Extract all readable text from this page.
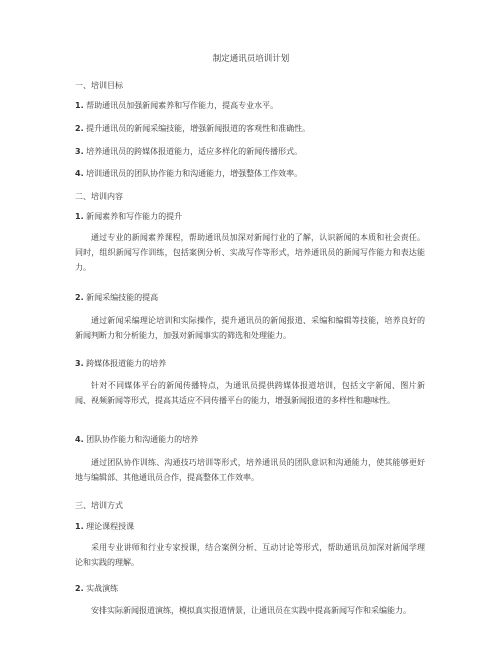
制定通讯员培训计划
一、培训目标
1. 帮助通讯员加强新闻素养和写作能力，提高专业水平。
2. 提升通讯员的新闻采编技能，增强新闻报道的客观性和准确性。
3. 培养通讯员的跨媒体报道能力，适应多样化的新闻传播形式。
4. 培训通讯员的团队协作能力和沟通能力，增强整体工作效率。
二、培训内容
1. 新闻素养和写作能力的提升
通过专业的新闻素养课程，帮助通讯员加深对新闻行业的了解，认识新闻的本质和社会责任。同时，组织新闻写作训练，包括案例分析、实战写作等形式，培养通讯员的新闻写作能力和表达能力。
2. 新闻采编技能的提高
通过新闻采编理论培训和实际操作，提升通讯员的新闻报道、采编和编辑等技能，培养良好的新闻判断力和分析能力，加强对新闻事实的筛选和处理能力。
3. 跨媒体报道能力的培养
针对不同媒体平台的新闻传播特点，为通讯员提供跨媒体报道培训，包括文字新闻、图片新闻、视频新闻等形式，提高其适应不同传播平台的能力，增强新闻报道的多样性和趣味性。
4. 团队协作能力和沟通能力的培养
通过团队协作训练、沟通技巧培训等形式，培养通讯员的团队意识和沟通能力，使其能够更好地与编辑部、其他通讯员合作，提高整体工作效率。
三、培训方式
1. 理论课程授课
采用专业讲师和行业专家授课，结合案例分析、互动讨论等形式，帮助通讯员加深对新闻学理论和实践的理解。
2. 实战演练
安排实际新闻报道演练，模拟真实报道情景，让通讯员在实践中提高新闻写作和采编能力。
